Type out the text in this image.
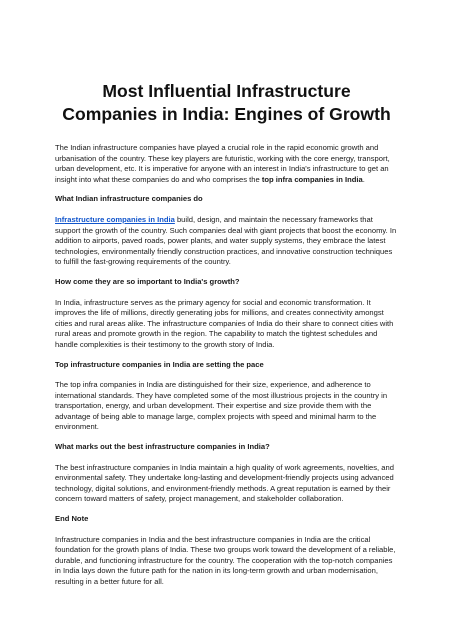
Most Influential Infrastructure Companies in India: Engines of Growth

The Indian infrastructure companies have played a crucial role in the rapid economic growth and urbanisation of the country. These key players are futuristic, working with the core energy, transport, urban development, etc. It is imperative for anyone with an interest in India's infrastructure to get an insight into what these companies do and who comprises the top infra companies in India.

What Indian infrastructure companies do

Infrastructure companies in India build, design, and maintain the necessary frameworks that support the growth of the country. Such companies deal with giant projects that boost the economy. In addition to airports, paved roads, power plants, and water supply systems, they embrace the latest technologies, environmentally friendly construction practices, and innovative construction techniques to fulfill the fast-growing requirements of the country.

How come they are so important to India's growth?

In India, infrastructure serves as the primary agency for social and economic transformation. It improves the life of millions, directly generating jobs for millions, and creates connectivity amongst cities and rural areas alike. The infrastructure companies of India do their share to connect cities with rural areas and promote growth in the region. The capability to match the tightest schedules and handle complexities is their testimony to the growth story of India.

Top infrastructure companies in India are setting the pace

The top infra companies in India are distinguished for their size, experience, and adherence to international standards. They have completed some of the most illustrious projects in the country in transportation, energy, and urban development. Their expertise and size provide them with the advantage of being able to manage large, complex projects with speed and minimal harm to the environment.

What marks out the best infrastructure companies in India?

The best infrastructure companies in India maintain a high quality of work agreements, novelties, and environmental safety. They undertake long-lasting and development-friendly projects using advanced technology, digital solutions, and environment-friendly methods. A great reputation is earned by their concern toward matters of safety, project management, and stakeholder collaboration.

End Note

Infrastructure companies in India and the best infrastructure companies in India are the critical foundation for the growth plans of India. These two groups work toward the development of a reliable, durable, and functioning infrastructure for the country. The cooperation with the top-notch companies in India lays down the future path for the nation in its long-term growth and urban modernisation, resulting in a better future for all.
